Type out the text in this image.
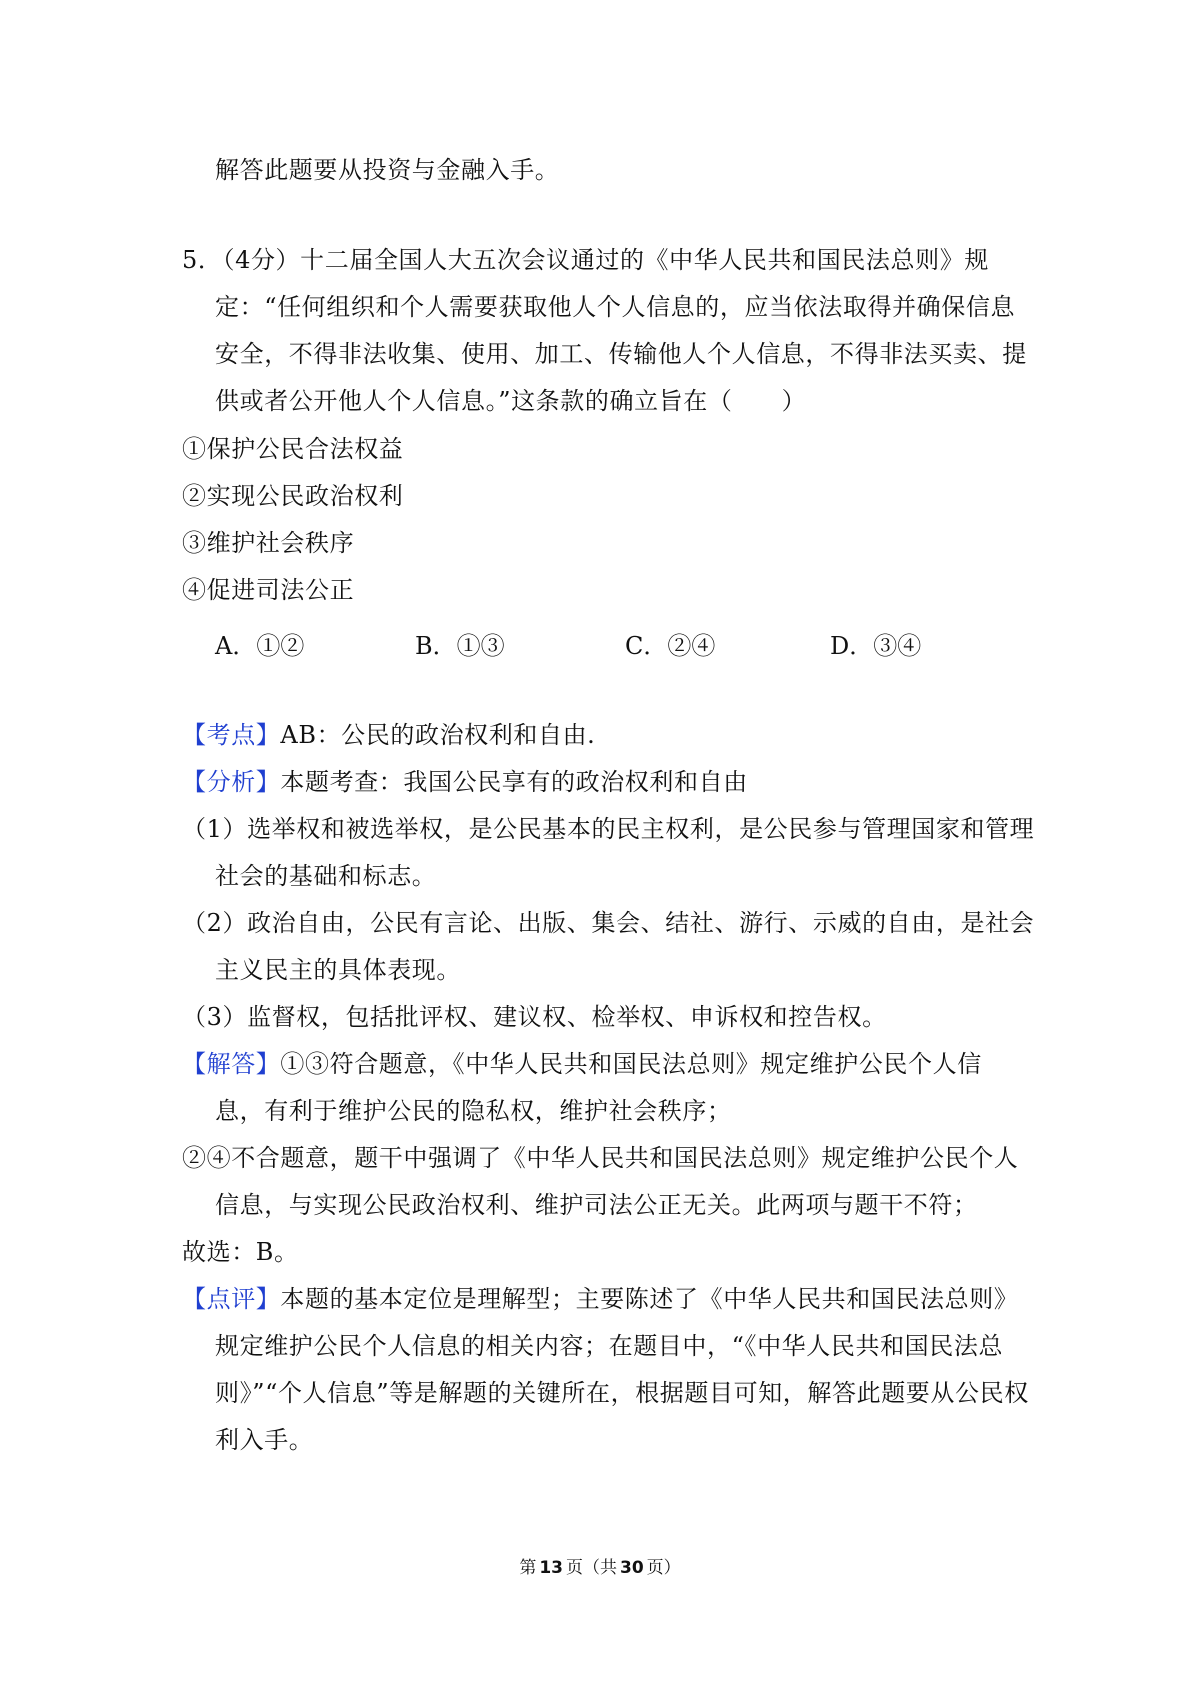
解答此题要从投资与金融入手。
5．（4分）十二届全国人大五次会议通过的《中华人民共和国民法总则》规
定：“任何组织和个人需要获取他人个人信息的，应当依法取得并确保信息
安全，不得非法收集、使用、加工、传输他人个人信息，不得非法买卖、提
供或者公开他人个人信息。”这条款的确立旨在（　　）
①保护公民合法权益
②实现公民政治权利
③维护社会秩序
④促进司法公正
A．①②	B．①③	C．②④	D．③④
【考点】AB：公民的政治权利和自由.
【分析】本题考查：我国公民享有的政治权利和自由
（1）选举权和被选举权，是公民基本的民主权利，是公民参与管理国家和管理
社会的基础和标志。
（2）政治自由，公民有言论、出版、集会、结社、游行、示威的自由，是社会
主义民主的具体表现。
（3）监督权，包括批评权、建议权、检举权、申诉权和控告权。
【解答】①③符合题意，《中华人民共和国民法总则》规定维护公民个人信
息，有利于维护公民的隐私权，维护社会秩序；
②④不合题意，题干中强调了《中华人民共和国民法总则》规定维护公民个人
信息，与实现公民政治权利、维护司法公正无关。此两项与题干不符；
故选：B。
【点评】本题的基本定位是理解型；主要陈述了《中华人民共和国民法总则》
规定维护公民个人信息的相关内容；在题目中，“《中华人民共和国民法总
则》”“个人信息”等是解题的关键所在，根据题目可知，解答此题要从公民权
利入手。
第 13 页（共 30 页）
